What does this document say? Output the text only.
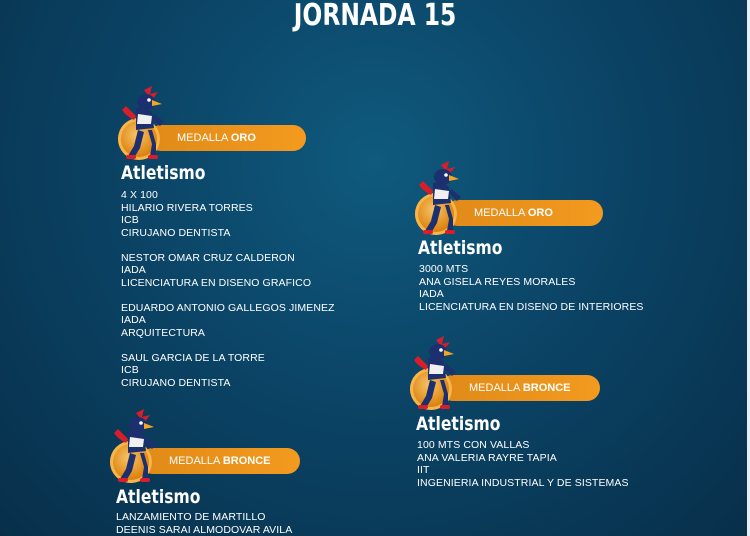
JORNADA 15
MEDALLA ORO
Atletismo
4 X 100
HILARIO RIVERA TORRES
ICB
CIRUJANO DENTISTA
NESTOR OMAR CRUZ CALDERON
IADA
LICENCIATURA EN DISENO GRAFICO
EDUARDO ANTONIO GALLEGOS JIMENEZ
IADA
ARQUITECTURA
SAUL GARCIA DE LA TORRE
ICB
CIRUJANO DENTISTA
MEDALLA ORO
Atletismo
3000 MTS
ANA GISELA REYES MORALES
IADA
LICENCIATURA EN DISENO DE INTERIORES
MEDALLA BRONCE
Atletismo
100 MTS CON VALLAS
ANA VALERIA RAYRE TAPIA
IIT
INGENIERIA INDUSTRIAL Y DE SISTEMAS
MEDALLA BRONCE
Atletismo
LANZAMIENTO DE MARTILLO
DEENIS SARAI ALMODOVAR AVILA
